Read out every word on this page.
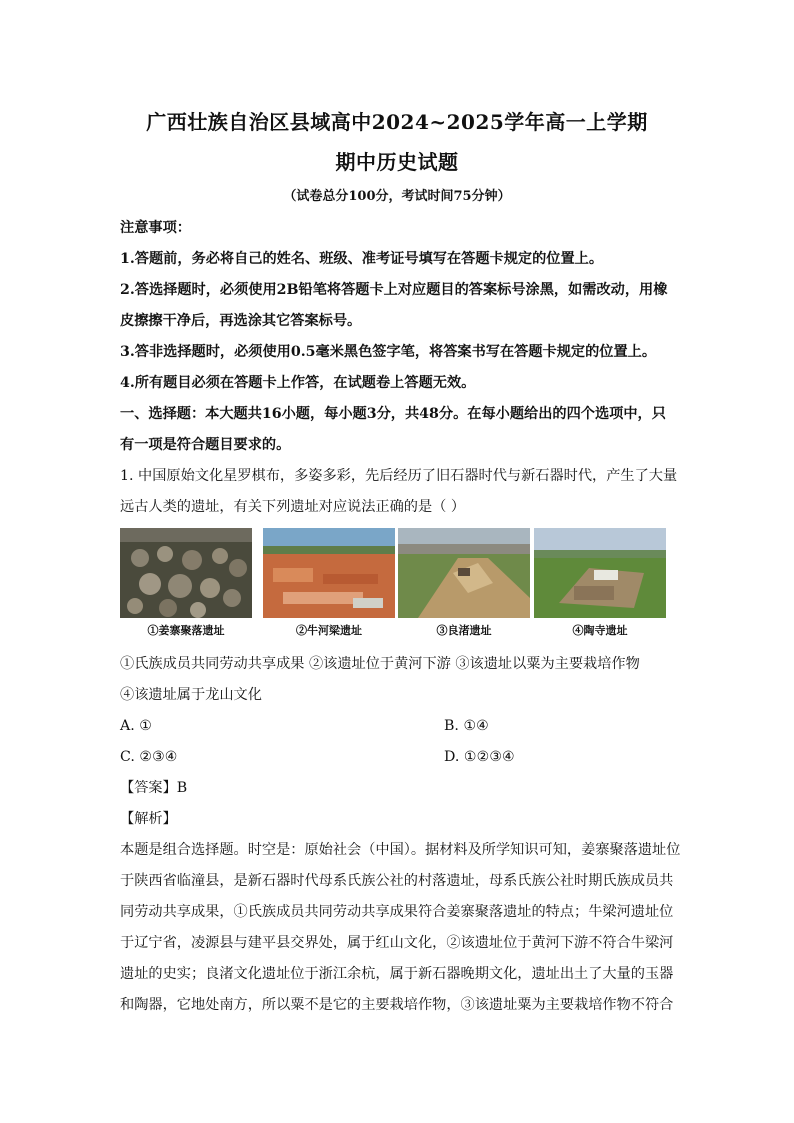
广西壮族自治区县域高中2024~2025学年高一上学期
期中历史试题
（试卷总分100分，考试时间75分钟）
注意事项：
1.答题前，务必将自己的姓名、班级、准考证号填写在答题卡规定的位置上。
2.答选择题时，必须使用2B铅笔将答题卡上对应题目的答案标号涂黑，如需改动，用橡
皮擦擦干净后，再选涂其它答案标号。
3.答非选择题时，必须使用0.5毫米黑色签字笔，将答案书写在答题卡规定的位置上。
4.所有题目必须在答题卡上作答，在试题卷上答题无效。
一、选择题：本大题共16小题，每小题3分，共48分。在每小题给出的四个选项中，只
有一项是符合题目要求的。
1. 中国原始文化星罗棋布，多姿多彩，先后经历了旧石器时代与新石器时代，产生了大量
远古人类的遗址，有关下列遗址对应说法正确的是（ ）
①姜寨聚落遗址	②牛河梁遗址	③良渚遗址	④陶寺遗址
①氏族成员共同劳动共享成果 ②该遗址位于黄河下游 ③该遗址以粟为主要栽培作物
④该遗址属于龙山文化
A. ①	B. ①④
C. ②③④	D. ①②③④
【答案】B
【解析】
本题是组合选择题。时空是：原始社会（中国）。据材料及所学知识可知，姜寨聚落遗址位
于陕西省临潼县，是新石器时代母系氏族公社的村落遗址，母系氏族公社时期氏族成员共
同劳动共享成果，①氏族成员共同劳动共享成果符合姜寨聚落遗址的特点；牛梁河遗址位
于辽宁省，凌源县与建平县交界处，属于红山文化，②该遗址位于黄河下游不符合牛梁河
遗址的史实；良渚文化遗址位于浙江余杭，属于新石器晚期文化，遗址出土了大量的玉器
和陶器，它地处南方，所以粟不是它的主要栽培作物，③该遗址粟为主要栽培作物不符合
